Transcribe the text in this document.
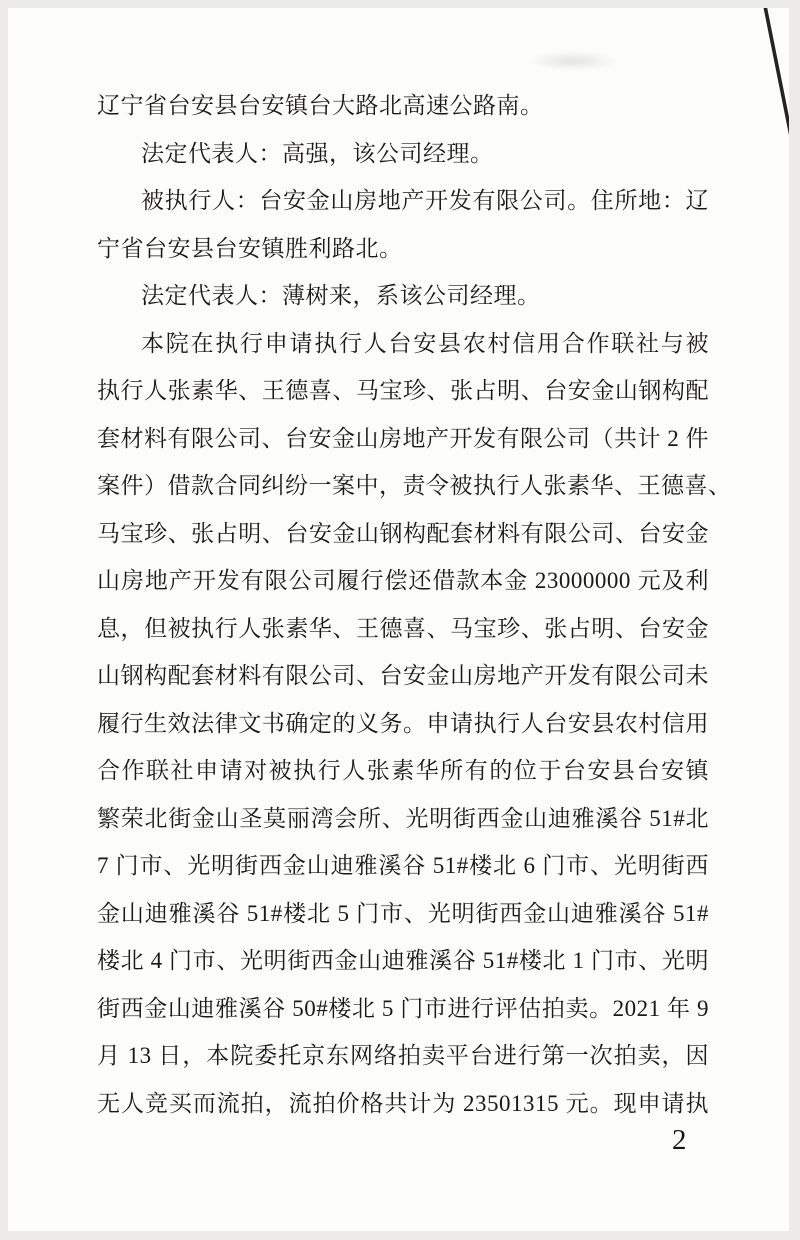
辽宁省台安县台安镇台大路北高速公路南。
法定代表人：高强，该公司经理。
被执行人：台安金山房地产开发有限公司。住所地：辽
宁省台安县台安镇胜利路北。
法定代表人：薄树来，系该公司经理。
本院在执行申请执行人台安县农村信用合作联社与被
执行人张素华、王德喜、马宝珍、张占明、台安金山钢构配
套材料有限公司、台安金山房地产开发有限公司（共计 2 件
案件）借款合同纠纷一案中，责令被执行人张素华、王德喜、
马宝珍、张占明、台安金山钢构配套材料有限公司、台安金
山房地产开发有限公司履行偿还借款本金 23000000 元及利
息，但被执行人张素华、王德喜、马宝珍、张占明、台安金
山钢构配套材料有限公司、台安金山房地产开发有限公司未
履行生效法律文书确定的义务。申请执行人台安县农村信用
合作联社申请对被执行人张素华所有的位于台安县台安镇
繁荣北街金山圣莫丽湾会所、光明街西金山迪雅溪谷 51#北
7 门市、光明街西金山迪雅溪谷 51#楼北 6 门市、光明街西
金山迪雅溪谷 51#楼北 5 门市、光明街西金山迪雅溪谷 51#
楼北 4 门市、光明街西金山迪雅溪谷 51#楼北 1 门市、光明
街西金山迪雅溪谷 50#楼北 5 门市进行评估拍卖。2021 年 9
月 13 日，本院委托京东网络拍卖平台进行第一次拍卖，因
无人竞买而流拍，流拍价格共计为 23501315 元。现申请执
2
